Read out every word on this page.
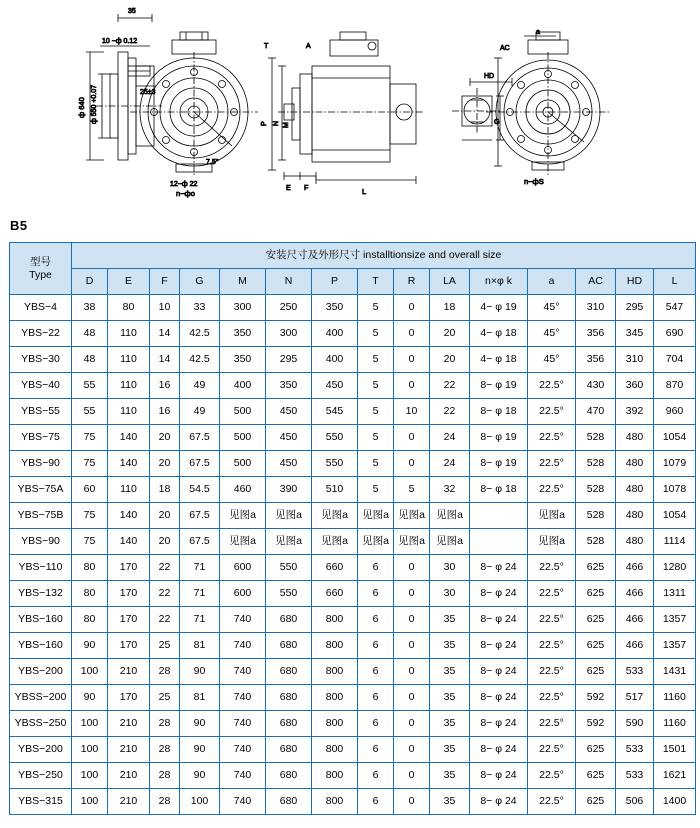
35
10 −ф 0.12
ф 640 ф 550 +0.07	25±3
7.5°
12−ф 22
n−фo
T	A
P N M
E F	L
HD
G
a
AC
n−фS
B5
型号
Type	安装尺寸及外形尺寸 installtionsize and overall size														
	D	E	F	G	M	N	P	T	R	LA	n×φ k	a	AC	HD	L
YBS−4	38	80	10	33	300	250	350	5	0	18	4− φ 19	45°	310	295	547
YBS−22	48	110	14	42.5	350	300	400	5	0	20	4− φ 18	45°	356	345	690
YBS−30	48	110	14	42.5	350	295	400	5	0	20	4− φ 18	45°	356	310	704
YBS−40	55	110	16	49	400	350	450	5	0	22	8− φ 19	22.5°	430	360	870
YBS−55	55	110	16	49	500	450	545	5	10	22	8− φ 18	22.5°	470	392	960
YBS−75	75	140	20	67.5	500	450	550	5	0	24	8− φ 19	22.5°	528	480	1054
YBS−90	75	140	20	67.5	500	450	550	5	0	24	8− φ 19	22.5°	528	480	1079
YBS−75A	60	110	18	54.5	460	390	510	5	5	32	8− φ 18	22.5°	528	480	1078
YBS−75B	75	140	20	67.5	见图a	见图a	见图a	见图a	见图a	见图a		见图a	528	480	1054
YBS−90	75	140	20	67.5	见图a	见图a	见图a	见图a	见图a	见图a		见图a	528	480	1114
YBS−110	80	170	22	71	600	550	660	6	0	30	8− φ 24	22.5°	625	466	1280
YBS−132	80	170	22	71	600	550	660	6	0	30	8− φ 24	22.5°	625	466	1311
YBS−160	80	170	22	71	740	680	800	6	0	35	8− φ 24	22.5°	625	466	1357
YBS−160	90	170	25	81	740	680	800	6	0	35	8− φ 24	22.5°	625	466	1357
YBS−200	100	210	28	90	740	680	800	6	0	35	8− φ 24	22.5°	625	533	1431
YBSS−200	90	170	25	81	740	680	800	6	0	35	8− φ 24	22.5°	592	517	1160
YBSS−250	100	210	28	90	740	680	800	6	0	35	8− φ 24	22.5°	592	590	1160
YBS−200	100	210	28	90	740	680	800	6	0	35	8− φ 24	22.5°	625	533	1501
YBS−250	100	210	28	90	740	680	800	6	0	35	8− φ 24	22.5°	625	533	1621
YBS−315	100	210	28	100	740	680	800	6	0	35	8− φ 24	22.5°	625	506	1400
